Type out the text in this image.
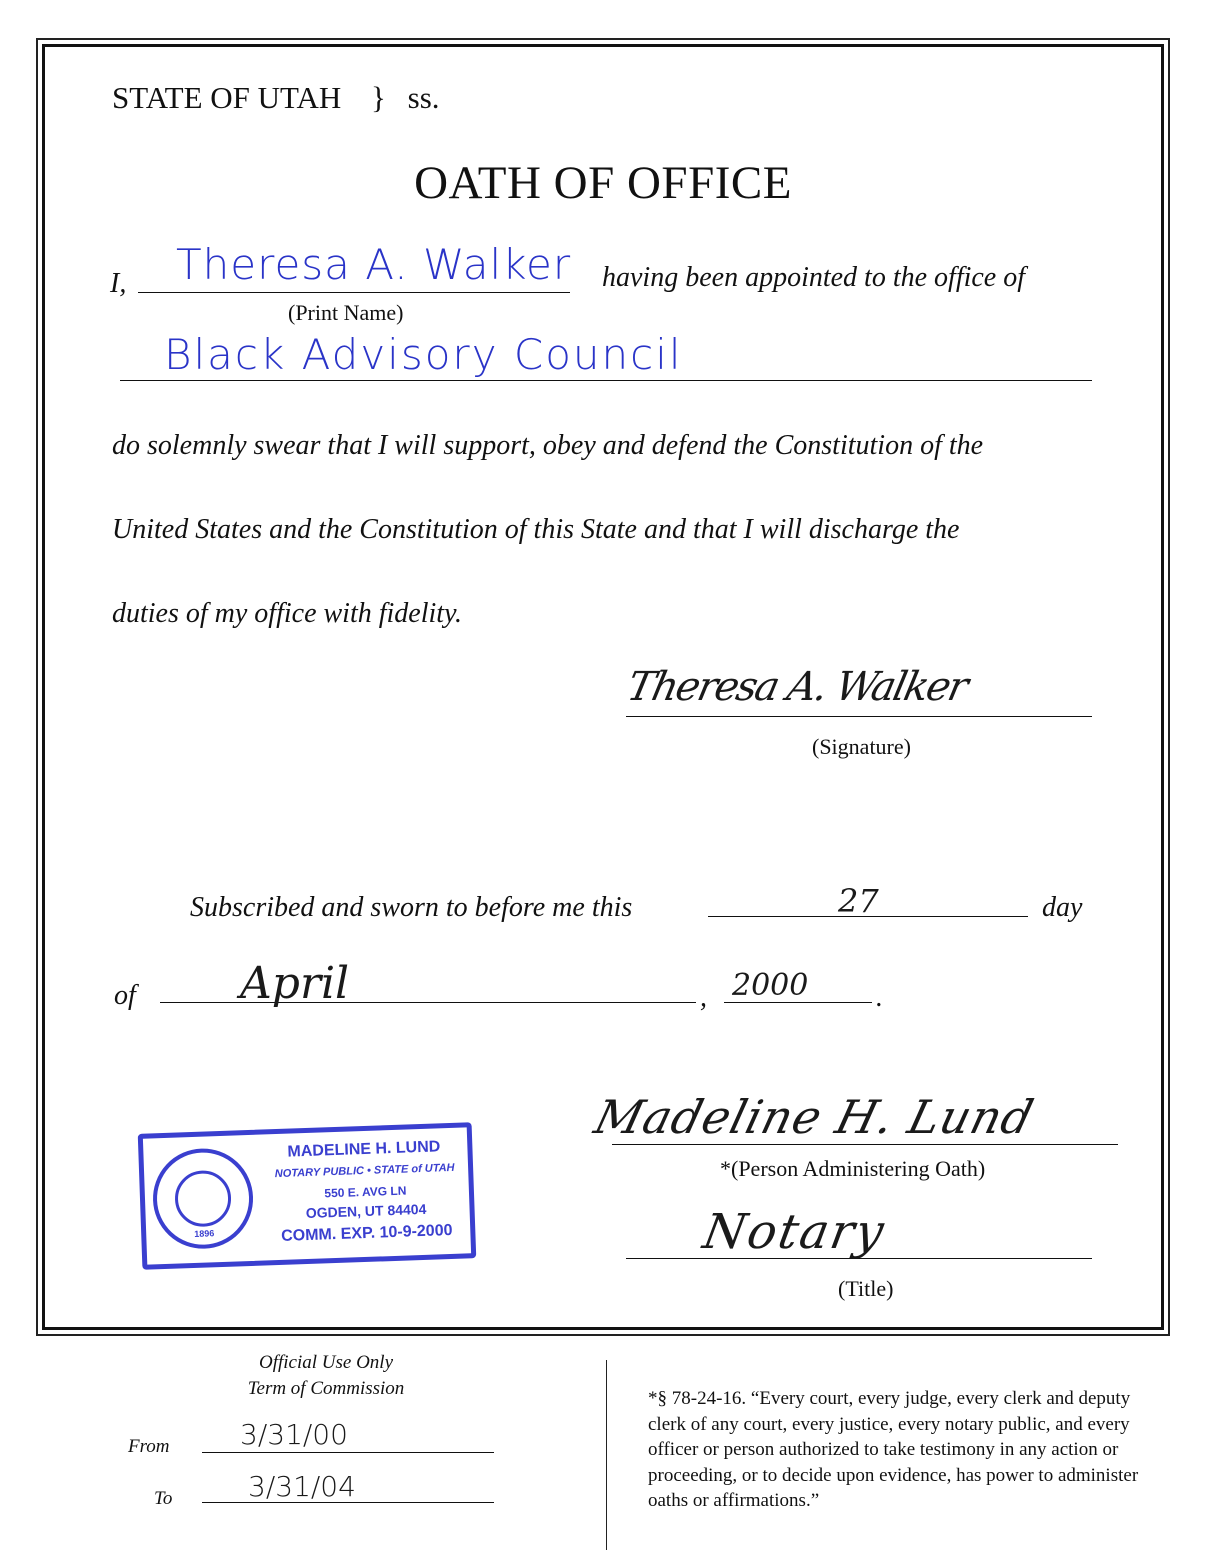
STATE OF UTAH } ss.
OATH OF OFFICE
I, Theresa A. Walker
(Print Name)
having been appointed to the office of
Black Advisory Council
do solemnly swear that I will support, obey and defend the Constitution of the
United States and the Constitution of this State and that I will discharge the
duties of my office with fidelity.
Theresa A. Walker
(Signature)
Subscribed and sworn to before me this	27	day
of April	, 2000 .
Madeline H. Lund
*(Person Administering Oath)
Notary
(Title)
1896
MADELINE H. LUND
NOTARY PUBLIC • STATE of UTAH
550 E. AVG LN
OGDEN, UT 84404
COMM. EXP. 10-9-2000
Official Use Only
Term of Commission
From	3/31/00
To	3/31/04
*§ 78-24-16. “Every court, every judge, every clerk and deputy clerk of any court, every justice, every notary public, and every officer or person authorized to take testimony in any action or proceeding, or to decide upon evidence, has power to administer oaths or affirmations.”
